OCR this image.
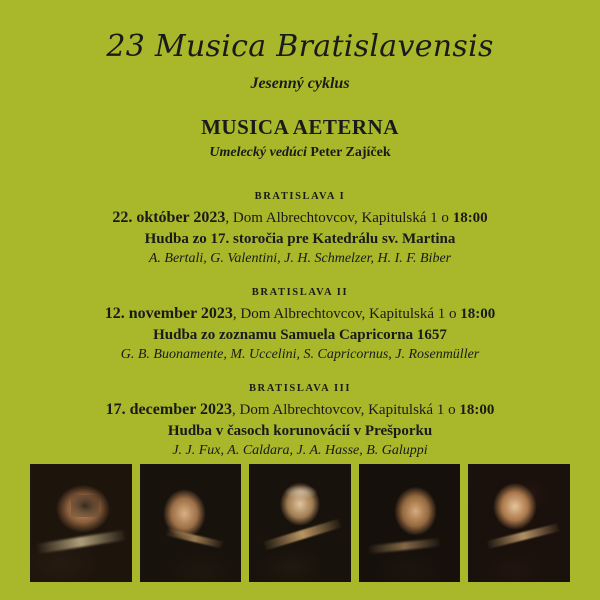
23 Musica Bratislavensis
Jesenný cyklus
MUSICA AETERNA
Umelecký vedúci Peter Zajíček
BRATISLAVA I
22. október 2023, Dom Albrechtovcov, Kapitulská 1 o 18:00
Hudba zo 17. storočia pre Katedrálu sv. Martina
A. Bertali, G. Valentini, J. H. Schmelzer, H. I. F. Biber
BRATISLAVA II
12. november 2023, Dom Albrechtovcov, Kapitulská 1 o 18:00
Hudba zo zoznamu Samuela Capricorna 1657
G. B. Buonamente, M. Uccelini, S. Capricornus, J. Rosenmüller
BRATISLAVA III
17. december 2023, Dom Albrechtovcov, Kapitulská 1 o 18:00
Hudba v časoch korunovácií v Prešporku
J. J. Fux, A. Caldara, J. A. Hasse, B. Galuppi
